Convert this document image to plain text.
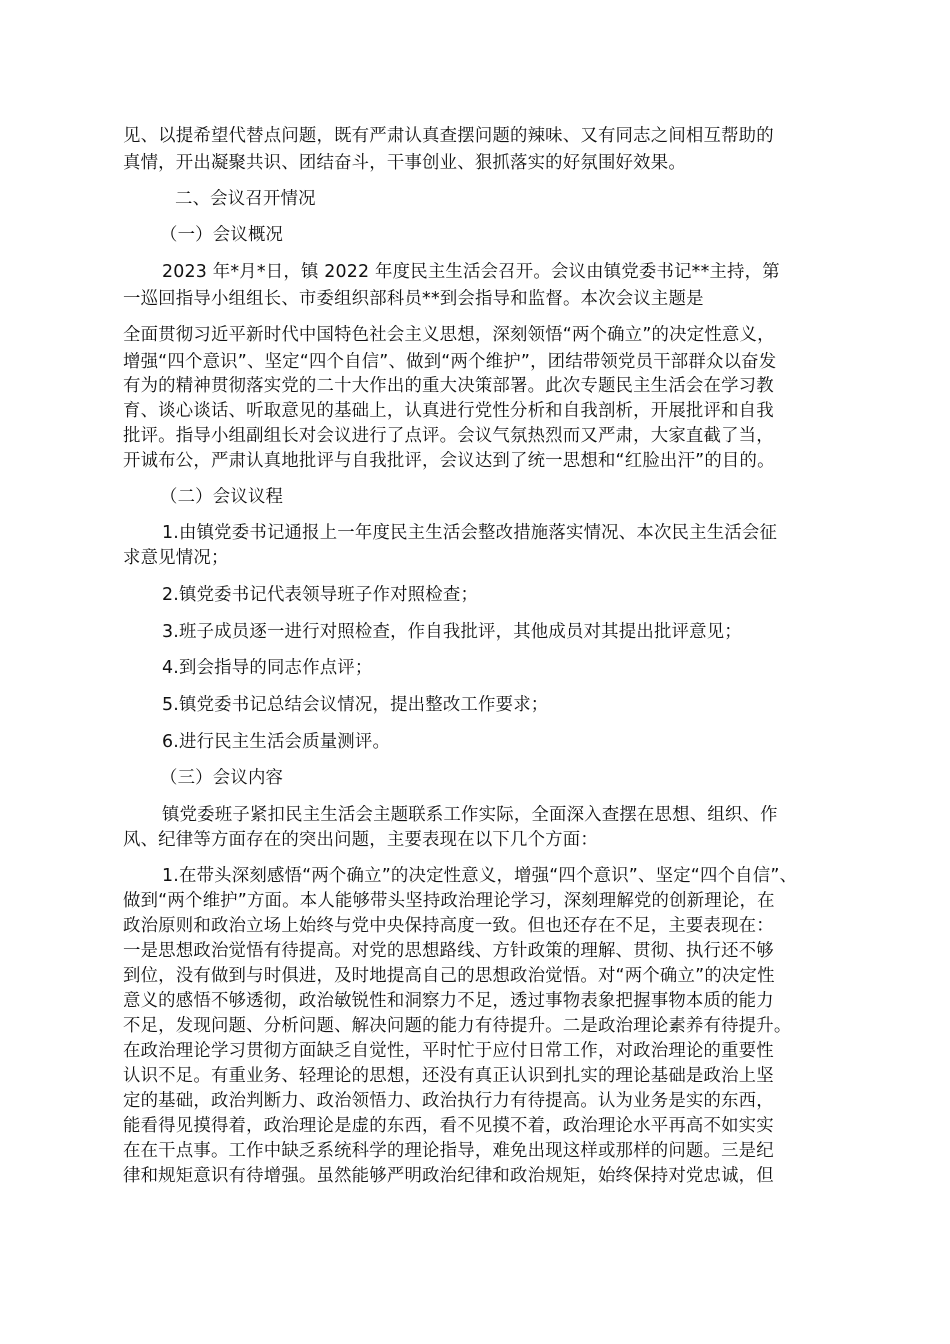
见、以提希望代替点问题，既有严肃认真查摆问题的辣味、又有同志之间相互帮助的
真情，开出凝聚共识、团结奋斗，干事创业、狠抓落实的好氛围好效果。
二、会议召开情况
（一）会议概况
2023 年*月*日，镇 2022 年度民主生活会召开。会议由镇党委书记**主持，第
一巡回指导小组组长、市委组织部科员**到会指导和监督。本次会议主题是
全面贯彻习近平新时代中国特色社会主义思想，深刻领悟“两个确立”的决定性意义，
增强“四个意识”、坚定“四个自信”、做到“两个维护”，团结带领党员干部群众以奋发
有为的精神贯彻落实党的二十大作出的重大决策部署。此次专题民主生活会在学习教
育、谈心谈话、听取意见的基础上，认真进行党性分析和自我剖析，开展批评和自我
批评。指导小组副组长对会议进行了点评。会议气氛热烈而又严肃，大家直截了当，
开诚布公，严肃认真地批评与自我批评，会议达到了统一思想和“红脸出汗”的目的。
（二）会议议程
1.由镇党委书记通报上一年度民主生活会整改措施落实情况、本次民主生活会征
求意见情况；
2.镇党委书记代表领导班子作对照检查；
3.班子成员逐一进行对照检查，作自我批评，其他成员对其提出批评意见；
4.到会指导的同志作点评；
5.镇党委书记总结会议情况，提出整改工作要求；
6.进行民主生活会质量测评。
（三）会议内容
镇党委班子紧扣民主生活会主题联系工作实际，全面深入查摆在思想、组织、作
风、纪律等方面存在的突出问题，主要表现在以下几个方面：
1.在带头深刻感悟“两个确立”的决定性意义，增强“四个意识”、坚定“四个自信”、
做到“两个维护”方面。本人能够带头坚持政治理论学习，深刻理解党的创新理论，在
政治原则和政治立场上始终与党中央保持高度一致。但也还存在不足，主要表现在：
一是思想政治觉悟有待提高。对党的思想路线、方针政策的理解、贯彻、执行还不够
到位，没有做到与时俱进，及时地提高自己的思想政治觉悟。对“两个确立”的决定性
意义的感悟不够透彻，政治敏锐性和洞察力不足，透过事物表象把握事物本质的能力
不足，发现问题、分析问题、解决问题的能力有待提升。二是政治理论素养有待提升。
在政治理论学习贯彻方面缺乏自觉性，平时忙于应付日常工作，对政治理论的重要性
认识不足。有重业务、轻理论的思想，还没有真正认识到扎实的理论基础是政治上坚
定的基础，政治判断力、政治领悟力、政治执行力有待提高。认为业务是实的东西，
能看得见摸得着，政治理论是虚的东西，看不见摸不着，政治理论水平再高不如实实
在在干点事。工作中缺乏系统科学的理论指导，难免出现这样或那样的问题。三是纪
律和规矩意识有待增强。虽然能够严明政治纪律和政治规矩，始终保持对党忠诚，但
